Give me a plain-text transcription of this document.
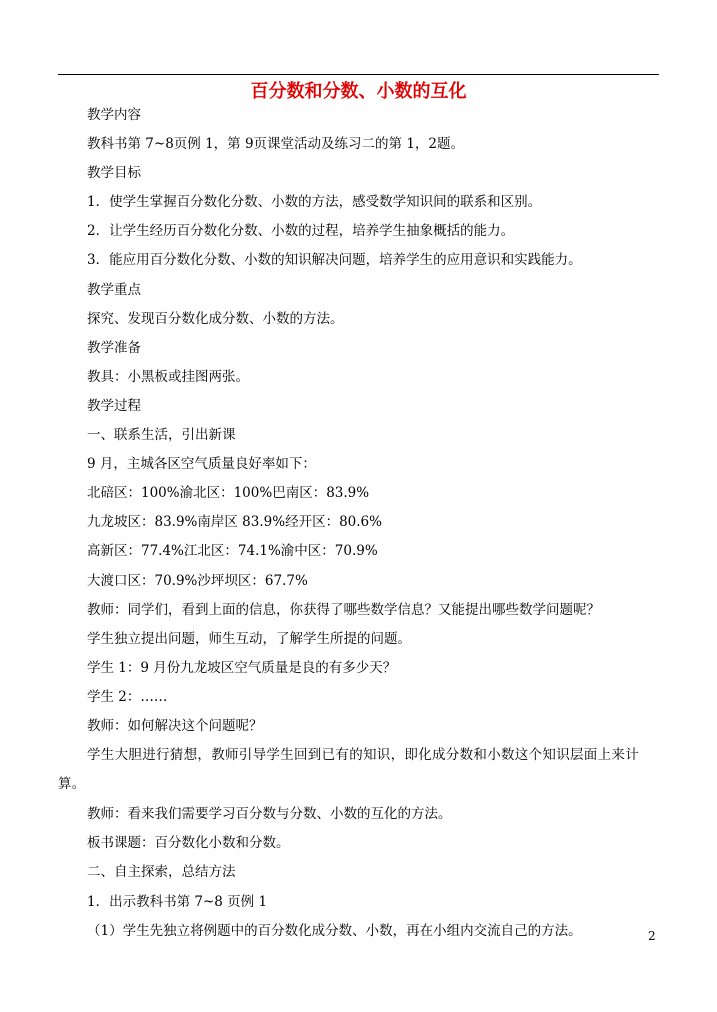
百分数和分数、小数的互化
教学内容
教科书第 7~8页例 1，第 9页课堂活动及练习二的第 1，2题。
教学目标
1．使学生掌握百分数化分数、小数的方法，感受数学知识间的联系和区别。
2．让学生经历百分数化分数、小数的过程，培养学生抽象概括的能力。
3．能应用百分数化分数、小数的知识解决问题，培养学生的应用意识和实践能力。
教学重点
探究、发现百分数化成分数、小数的方法。
教学准备
教具：小黑板或挂图两张。
教学过程
一、联系生活，引出新课
9 月，主城各区空气质量良好率如下：
北碚区：100%渝北区：100%巴南区：83.9%
九龙坡区：83.9%南岸区 83.9%经开区：80.6%
高新区：77.4%江北区：74.1%渝中区：70.9%
大渡口区：70.9%沙坪坝区：67.7%
教师：同学们，看到上面的信息，你获得了哪些数学信息？又能提出哪些数学问题呢？
学生独立提出问题，师生互动，了解学生所提的问题。
学生 1：9 月份九龙坡区空气质量是良的有多少天？
学生 2：……
教师：如何解决这个问题呢？
学生大胆进行猜想，教师引导学生回到已有的知识，即化成分数和小数这个知识层面上来计算。
教师：看来我们需要学习百分数与分数、小数的互化的方法。
板书课题：百分数化小数和分数。
二、自主探索，总结方法
1．出示教科书第 7~8 页例 1
（1）学生先独立将例题中的百分数化成分数、小数，再在小组内交流自己的方法。	2
